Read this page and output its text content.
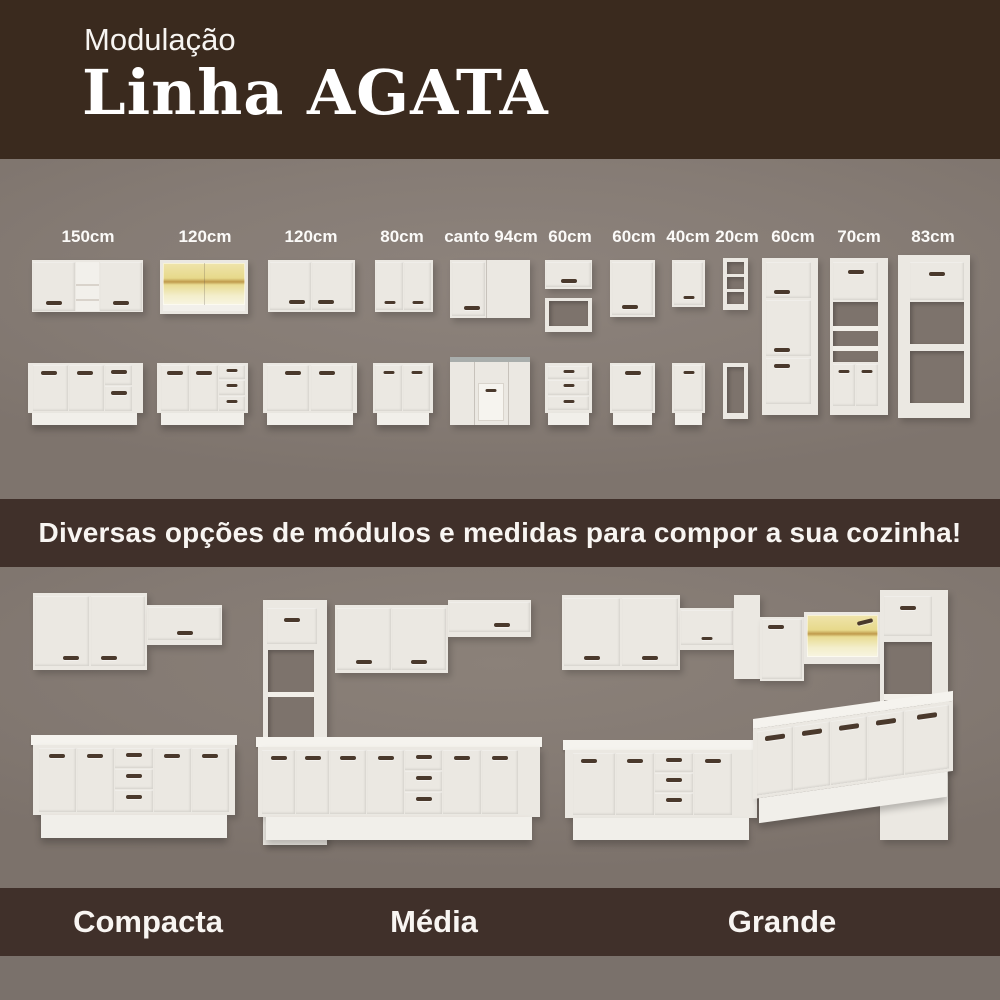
Modulação
Linha AGATA
150cm	120cm	120cm	80cm canto 94cm 60cm 60cm 40cm 20cm 60cm 70cm 83cm
Diversas opções de módulos e medidas para compor a sua cozinha!
Compacta	Média	Grande
